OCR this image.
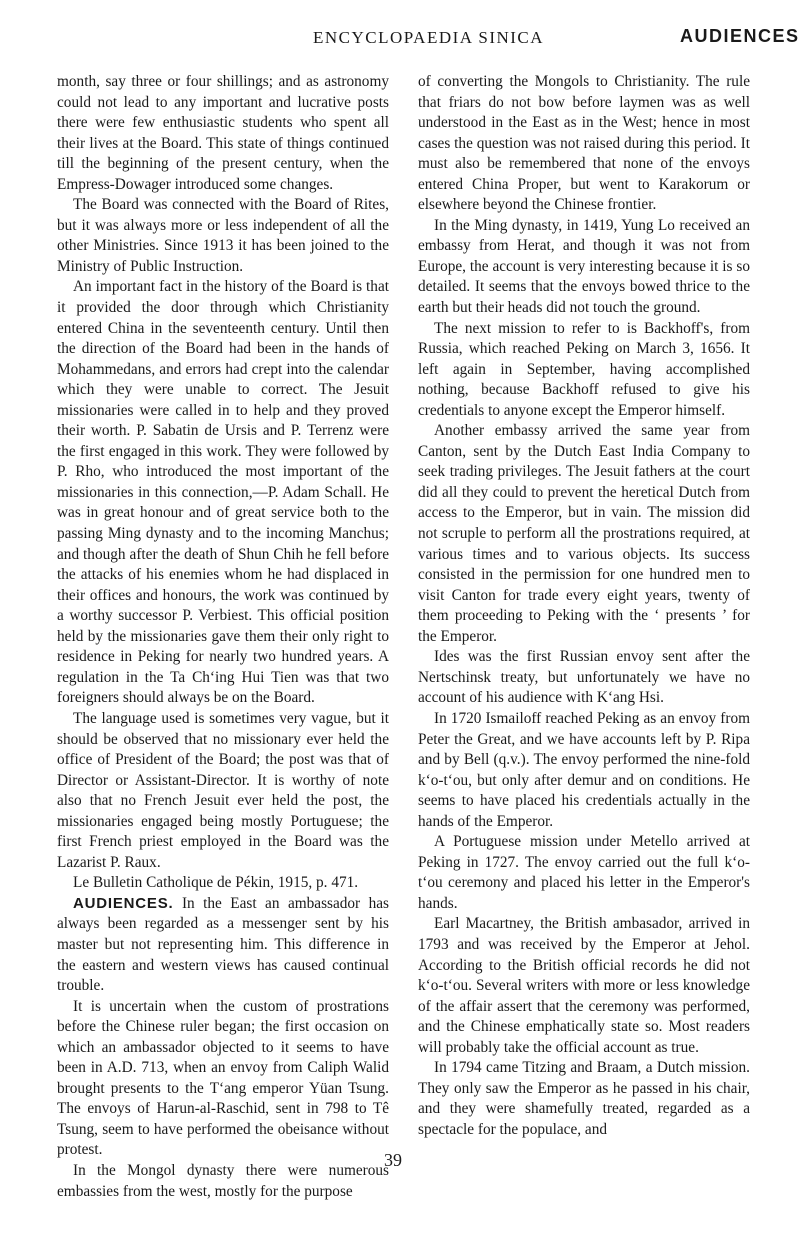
ENCYCLOPAEDIA SINICA	AUDIENCES

month, say three or four shillings; and as astronomy could not lead to any important and lucrative posts there were few enthusiastic students who spent all their lives at the Board. This state of things continued till the beginning of the present century, when the Empress-Dowager introduced some changes.

The Board was connected with the Board of Rites, but it was always more or less independent of all the other Ministries. Since 1913 it has been joined to the Ministry of Public Instruction.

An important fact in the history of the Board is that it provided the door through which Christianity entered China in the seventeenth century. Until then the direction of the Board had been in the hands of Mohammedans, and errors had crept into the calendar which they were unable to correct. The Jesuit missionaries were called in to help and they proved their worth. P. Sabatin de Ursis and P. Terrenz were the first engaged in this work. They were followed by P. Rho, who introduced the most important of the missionaries in this connection,—P. Adam Schall. He was in great honour and of great service both to the passing Ming dynasty and to the incoming Manchus; and though after the death of Shun Chih he fell before the attacks of his enemies whom he had displaced in their offices and honours, the work was continued by a worthy successor P. Verbiest. This official position held by the missionaries gave them their only right to residence in Peking for nearly two hundred years. A regulation in the Ta Ch‘ing Hui Tien was that two foreigners should always be on the Board.

The language used is sometimes very vague, but it should be observed that no missionary ever held the office of President of the Board; the post was that of Director or Assistant-Director. It is worthy of note also that no French Jesuit ever held the post, the missionaries engaged being mostly Portuguese; the first French priest employed in the Board was the Lazarist P. Raux.

Le Bulletin Catholique de Pékin, 1915, p. 471.

AUDIENCES. In the East an ambassador has always been regarded as a messenger sent by his master but not representing him. This difference in the eastern and western views has caused continual trouble.

It is uncertain when the custom of prostrations before the Chinese ruler began; the first occasion on which an ambassador objected to it seems to have been in A.D. 713, when an envoy from Caliph Walid brought presents to the T‘ang emperor Yüan Tsung. The envoys of Harun-al-Raschid, sent in 798 to Tê Tsung, seem to have performed the obeisance without protest.

In the Mongol dynasty there were numerous embassies from the west, mostly for the purpose

of converting the Mongols to Christianity. The rule that friars do not bow before laymen was as well understood in the East as in the West; hence in most cases the question was not raised during this period. It must also be remembered that none of the envoys entered China Proper, but went to Karakorum or elsewhere beyond the Chinese frontier.

In the Ming dynasty, in 1419, Yung Lo received an embassy from Herat, and though it was not from Europe, the account is very interesting because it is so detailed. It seems that the envoys bowed thrice to the earth but their heads did not touch the ground.

The next mission to refer to is Backhoff's, from Russia, which reached Peking on March 3, 1656. It left again in September, having accomplished nothing, because Backhoff refused to give his credentials to anyone except the Emperor himself.

Another embassy arrived the same year from Canton, sent by the Dutch East India Company to seek trading privileges. The Jesuit fathers at the court did all they could to prevent the heretical Dutch from access to the Emperor, but in vain. The mission did not scruple to perform all the prostrations required, at various times and to various objects. Its success consisted in the permission for one hundred men to visit Canton for trade every eight years, twenty of them proceeding to Peking with the ‘ presents ’ for the Emperor.

Ides was the first Russian envoy sent after the Nertschinsk treaty, but unfortunately we have no account of his audience with K‘ang Hsi.

In 1720 Ismailoff reached Peking as an envoy from Peter the Great, and we have accounts left by P. Ripa and by Bell (q.v.). The envoy performed the nine-fold k‘o-t‘ou, but only after demur and on conditions. He seems to have placed his credentials actually in the hands of the Emperor.

A Portuguese mission under Metello arrived at Peking in 1727. The envoy carried out the full k‘o-t‘ou ceremony and placed his letter in the Emperor's hands.

Earl Macartney, the British ambasador, arrived in 1793 and was received by the Emperor at Jehol. According to the British official records he did not k‘o-t‘ou. Several writers with more or less knowledge of the affair assert that the ceremony was performed, and the Chinese emphatically state so. Most readers will probably take the official account as true.

In 1794 came Titzing and Braam, a Dutch mission. They only saw the Emperor as he passed in his chair, and they were shamefully treated, regarded as a spectacle for the populace, and

39
